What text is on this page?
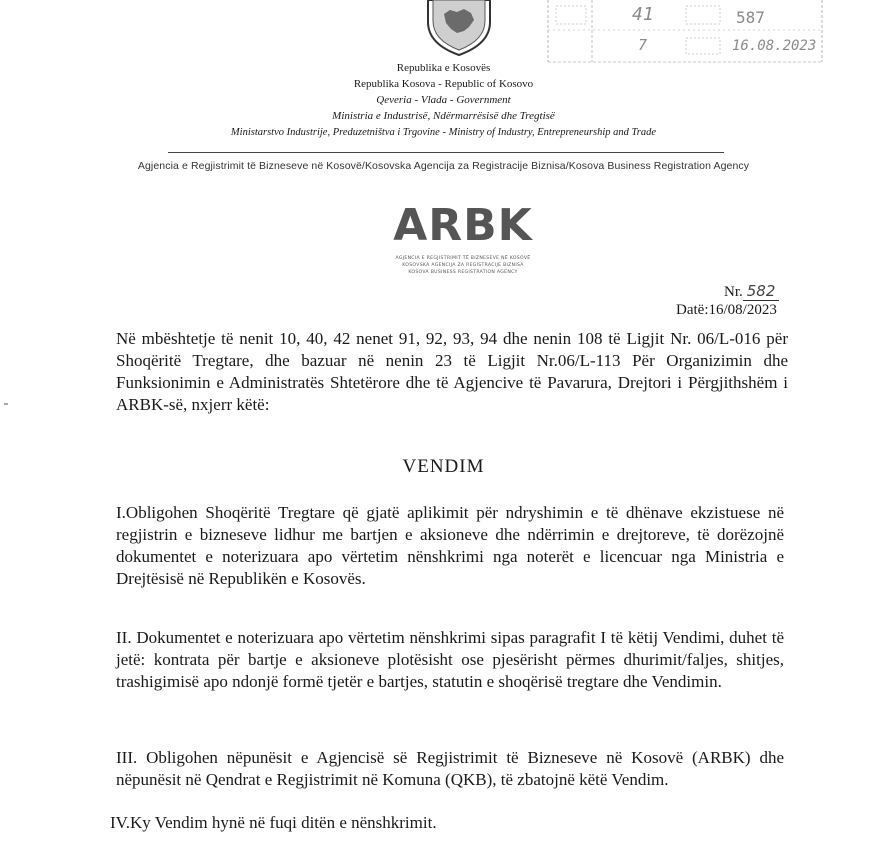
41	587
7	16.08.2023
Republika e Kosovës
Republika Kosova - Republic of Kosovo
Qeveria - Vlada - Government
Ministria e Industrisë, Ndërmarrësisë dhe Tregtisë
Ministarstvo Industrije, Preduzetništva i Trgovine - Ministry of Industry, Entrepreneurship and Trade
Agjencia e Regjistrimit të Bizneseve në Kosovë/Kosovska Agencija za Registracije Biznisa/Kosova Business Registration Agency
ARBK
AGJENCIA E REGJISTRIMIT TË BIZNESEVE NË KOSOVË
KOSOVSKA AGENCIJA ZA REGISTRACIJE BIZNISA
KOSOVA BUSINESS REGISTRATION AGENCY
Nr. 582
Datë:16/08/2023
Në mbështetje të nenit 10, 40, 42 nenet 91, 92, 93, 94 dhe nenin 108 të Ligjit Nr. 06/L-016 për Shoqëritë Tregtare, dhe bazuar në nenin 23 të Ligjit Nr.06/L-113 Për Organizimin dhe Funksionimin e Administratës Shtetërore dhe të Agjencive të Pavarura, Drejtori i Përgjithshëm i ARBK-së, nxjerr këtë:
VENDIM
I.Obligohen Shoqëritë Tregtare që gjatë aplikimit për ndryshimin e të dhënave ekzistuese në regjistrin e bizneseve lidhur me bartjen e aksioneve dhe ndërrimin e drejtoreve, të dorëzojnë dokumentet e noterizuara apo vërtetim nënshkrimi nga noterët e licencuar nga Ministria e Drejtësisë në Republikën e Kosovës.
II. Dokumentet e noterizuara apo vërtetim nënshkrimi sipas paragrafit I të këtij Vendimi, duhet të jetë: kontrata për bartje e aksioneve plotësisht ose pjesërisht përmes dhurimit/faljes, shitjes, trashigimisë apo ndonjë formë tjetër e bartjes, statutin e shoqërisë tregtare dhe Vendimin.
III. Obligohen nëpunësit e Agjencisë së Regjistrimit të Bizneseve në Kosovë (ARBK) dhe nëpunësit në Qendrat e Regjistrimit në Komuna (QKB), të zbatojnë këtë Vendim.
IV.Ky Vendim hynë në fuqi ditën e nënshkrimit.
